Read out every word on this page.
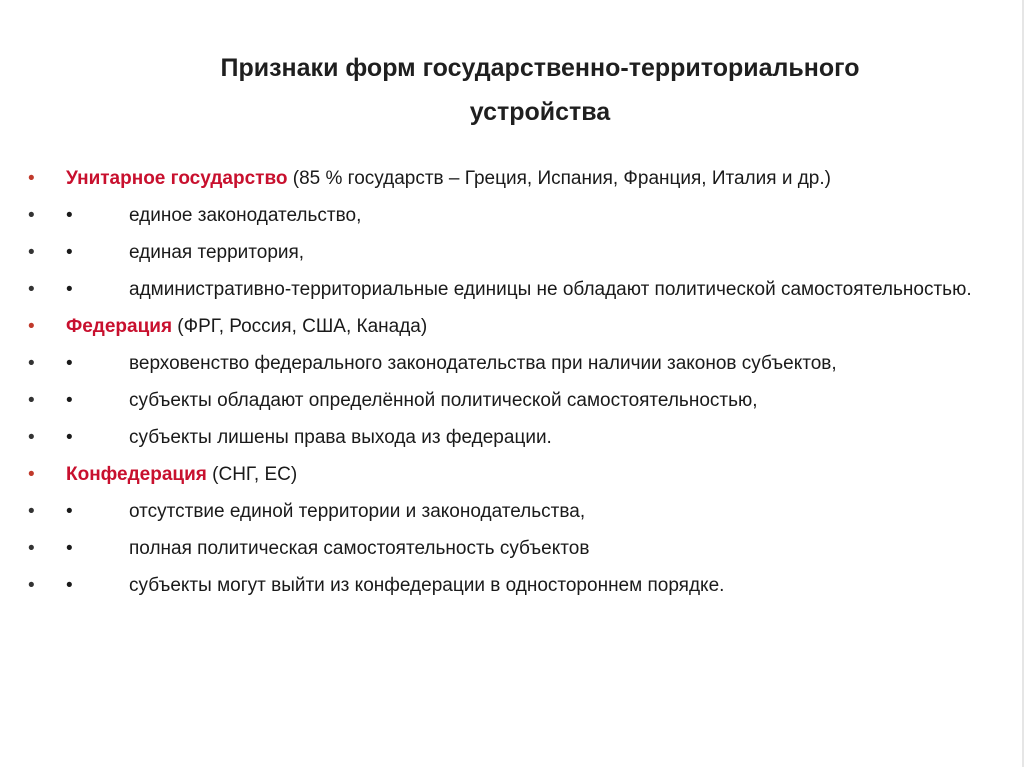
Признаки форм государственно-территориального
устройства
•	Унитарное государство (85 % государств – Греция, Испания, Франция, Италия и др.)
•	•	единое законодательство,
•	•	единая территория,
•	•	административно-территориальные единицы не обладают политической самостоятельностью.
•	Федерация (ФРГ, Россия, США, Канада)
•	•	верховенство федерального законодательства при наличии законов субъектов,
•	•	субъекты обладают определённой политической самостоятельностью,
•	•	субъекты лишены права выхода из федерации.
•	Конфедерация (СНГ, ЕС)
•	•	отсутствие единой территории и законодательства,
•	•	полная политическая самостоятельность субъектов
•	•	субъекты могут выйти из конфедерации в одностороннем порядке.
